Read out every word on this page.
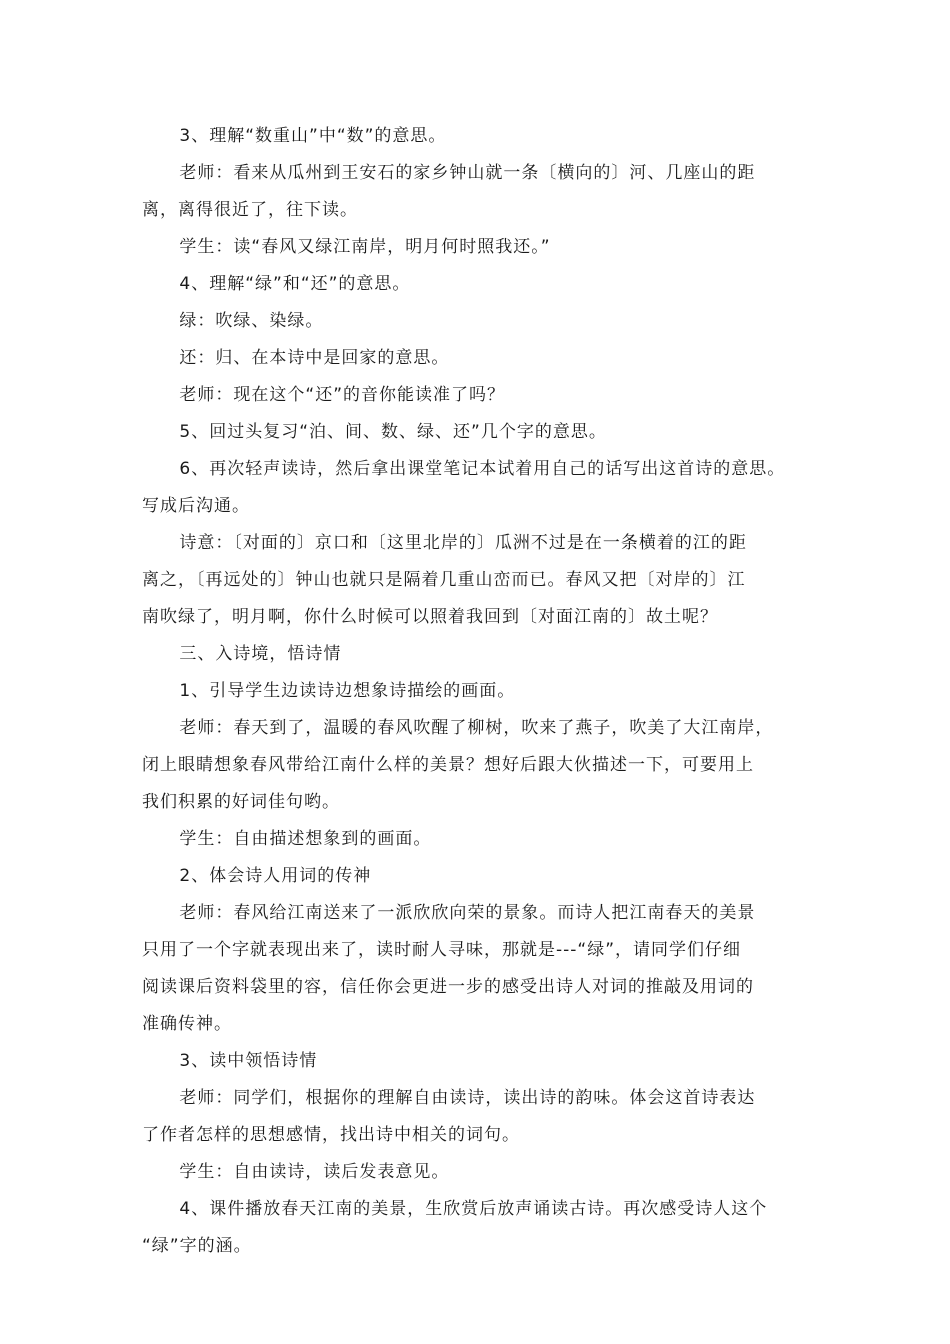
3、理解“数重山”中“数”的意思。

老师：看来从瓜州到王安石的家乡钟山就一条〔横向的〕河、几座山的距
离，离得很近了，往下读。

学生：读“春风又绿江南岸，明月何时照我还。”

4、理解“绿”和“还”的意思。

绿：吹绿、染绿。

还：归、在本诗中是回家的意思。

老师：现在这个“还”的音你能读准了吗？

5、回过头复习“泊、间、数、绿、还”几个字的意思。

6、再次轻声读诗，然后拿出课堂笔记本试着用自己的话写出这首诗的意思。
写成后沟通。

诗意：〔对面的〕京口和〔这里北岸的〕瓜洲不过是在一条横着的江的距
离之，〔再远处的〕钟山也就只是隔着几重山峦而已。春风又把〔对岸的〕江
南吹绿了，明月啊，你什么时候可以照着我回到〔对面江南的〕故土呢？

三、入诗境，悟诗情

1、引导学生边读诗边想象诗描绘的画面。

老师：春天到了，温暖的春风吹醒了柳树，吹来了燕子，吹美了大江南岸，
闭上眼睛想象春风带给江南什么样的美景？想好后跟大伙描述一下，可要用上
我们积累的好词佳句哟。

学生：自由描述想象到的画面。

2、体会诗人用词的传神

老师：春风给江南送来了一派欣欣向荣的景象。而诗人把江南春天的美景
只用了一个字就表现出来了，读时耐人寻味，那就是---“绿”，请同学们仔细
阅读课后资料袋里的容，信任你会更进一步的感受出诗人对词的推敲及用词的
准确传神。

3、读中领悟诗情

老师：同学们，根据你的理解自由读诗，读出诗的韵味。体会这首诗表达
了作者怎样的思想感情，找出诗中相关的词句。

学生：自由读诗，读后发表意见。

4、课件播放春天江南的美景，生欣赏后放声诵读古诗。再次感受诗人这个
“绿”字的涵。
